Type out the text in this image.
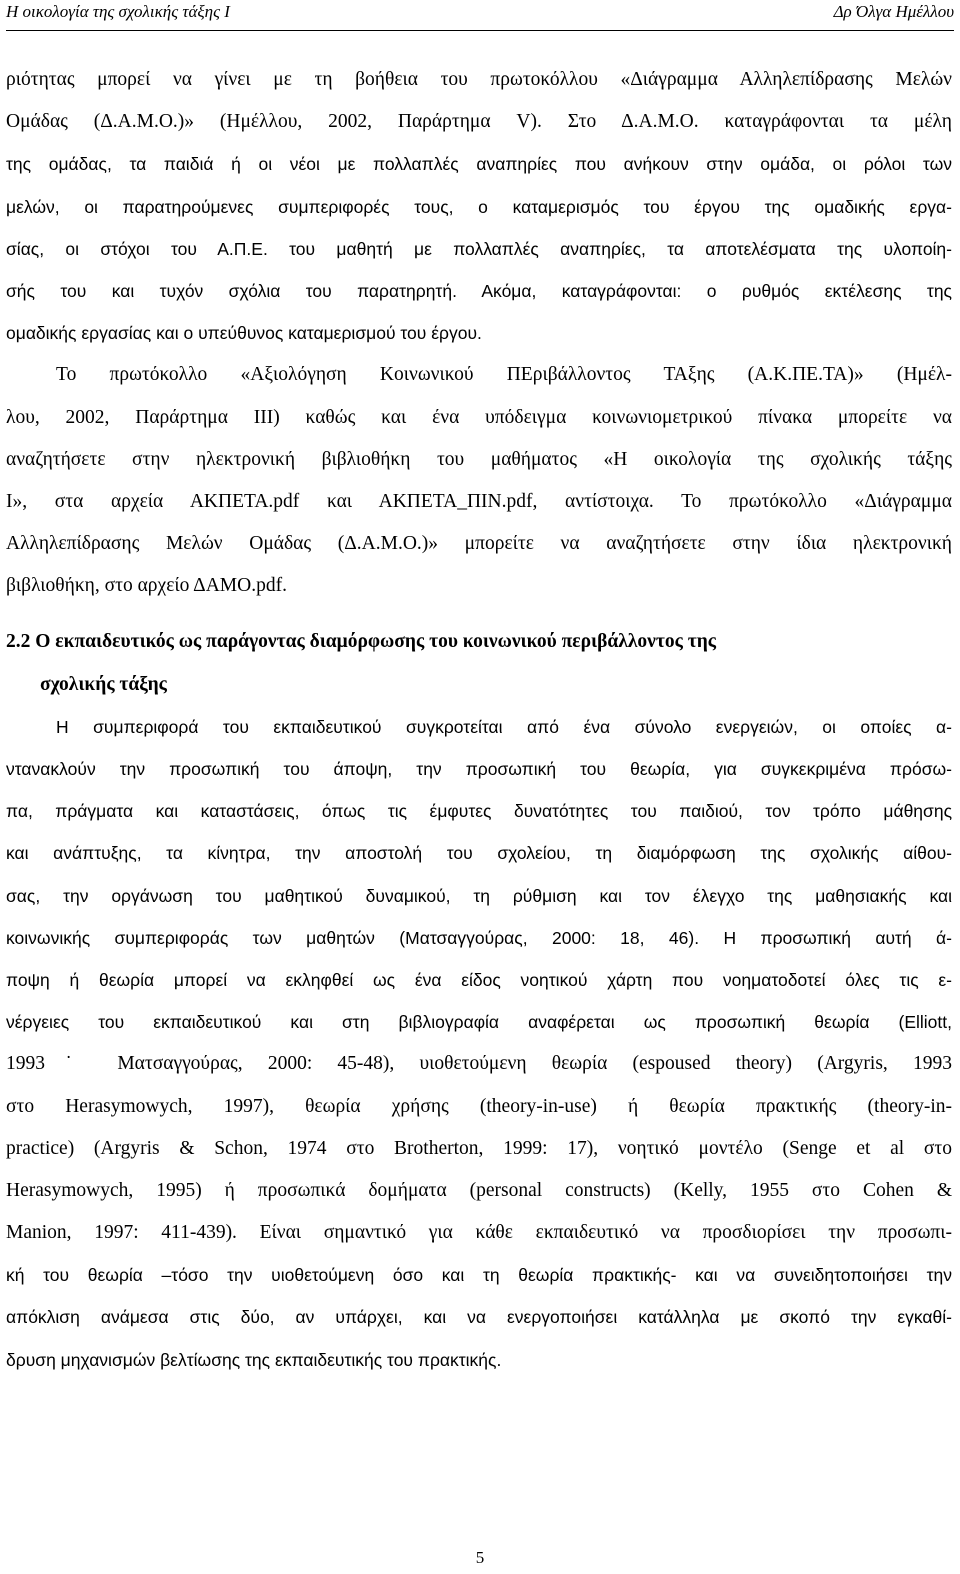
Η οικολογία της σχολικής τάξης Ι	Δρ Όλγα Ημέλλου
ριότητας μπορεί να γίνει με τη βοήθεια του πρωτοκόλλου «Διάγραμμα Αλληλεπίδρασης Μελών
Ομάδας (Δ.Α.Μ.Ο.)» (Ημέλλου, 2002, Παράρτημα V). Στο Δ.Α.Μ.Ο. καταγράφονται τα μέλη
της ομάδας, τα παιδιά ή οι νέοι με πολλαπλές αναπηρίες που ανήκουν στην ομάδα, οι ρόλοι των
μελών, οι παρατηρούμενες συμπεριφορές τους, ο καταμερισμός του έργου της ομαδικής εργα-
σίας, οι στόχοι του Α.Π.Ε. του μαθητή με πολλαπλές αναπηρίες, τα αποτελέσματα της υλοποίη-
σής του και τυχόν σχόλια του παρατηρητή. Ακόμα, καταγράφονται: ο ρυθμός εκτέλεσης της
ομαδικής εργασίας και ο υπεύθυνος καταμερισμού του έργου.
Το πρωτόκολλο «Αξιολόγηση Κοινωνικού ΠΕριβάλλοντος ΤΑξης (Α.Κ.ΠΕ.ΤΑ)» (Ημέλ-
λου, 2002, Παράρτημα ΙΙΙ) καθώς και ένα υπόδειγμα κοινωνιομετρικού πίνακα μπορείτε να
αναζητήσετε στην ηλεκτρονική βιβλιοθήκη του μαθήματος «Η οικολογία της σχολικής τάξης
Ι», στα αρχεία ΑΚΠΕΤΑ.pdf και ΑΚΠΕΤΑ_ΠΙΝ.pdf, αντίστοιχα. Το πρωτόκολλο «Διάγραμμα
Αλληλεπίδρασης Μελών Ομάδας (Δ.Α.Μ.Ο.)» μπορείτε να αναζητήσετε στην ίδια ηλεκτρονική
βιβλιοθήκη, στο αρχείο ΔΑΜΟ.pdf.
2.2 Ο εκπαιδευτικός ως παράγοντας διαμόρφωσης του κοινωνικού περιβάλλοντος της
σχολικής τάξης
Η συμπεριφορά του εκπαιδευτικού συγκροτείται από ένα σύνολο ενεργειών, οι οποίες α-
ντανακλούν την προσωπική του άποψη, την προσωπική του θεωρία, για συγκεκριμένα πρόσω-
πα, πράγματα και καταστάσεις, όπως τις έμφυτες δυνατότητες του παιδιού, τον τρόπο μάθησης
και ανάπτυξης, τα κίνητρα, την αποστολή του σχολείου, τη διαμόρφωση της σχολικής αίθου-
σας, την οργάνωση του μαθητικού δυναμικού, τη ρύθμιση και τον έλεγχο της μαθησιακής και
κοινωνικής συμπεριφοράς των μαθητών (Ματσαγγούρας, 2000: 18, 46). Η προσωπική αυτή ά-
ποψη ή θεωρία μπορεί να εκληφθεί ως ένα είδος νοητικού χάρτη που νοηματοδοτεί όλες τις ε-
νέργειες του εκπαιδευτικού και στη βιβλιογραφία αναφέρεται ως προσωπική θεωρία (Elliott,
1993˙ Ματσαγγούρας, 2000: 45-48), υιοθετούμενη θεωρία (espoused theory) (Argyris, 1993
στο Herasymowych, 1997), θεωρία χρήσης (theory-in-use) ή θεωρία πρακτικής (theory-in-
practice) (Argyris & Schon, 1974 στο Brotherton, 1999: 17), νοητικό μοντέλο (Senge et al στο
Herasymowych, 1995) ή προσωπικά δομήματα (personal constructs) (Kelly, 1955 στο Cohen &
Manion, 1997: 411-439). Είναι σημαντικό για κάθε εκπαιδευτικό να προσδιορίσει την προσωπι-
κή του θεωρία –τόσο την υιοθετούμενη όσο και τη θεωρία πρακτικής- και να συνειδητοποιήσει την
απόκλιση ανάμεσα στις δύο, αν υπάρχει, και να ενεργοποιήσει κατάλληλα με σκοπό την εγκαθί-
δρυση μηχανισμών βελτίωσης της εκπαιδευτικής του πρακτικής.
5
